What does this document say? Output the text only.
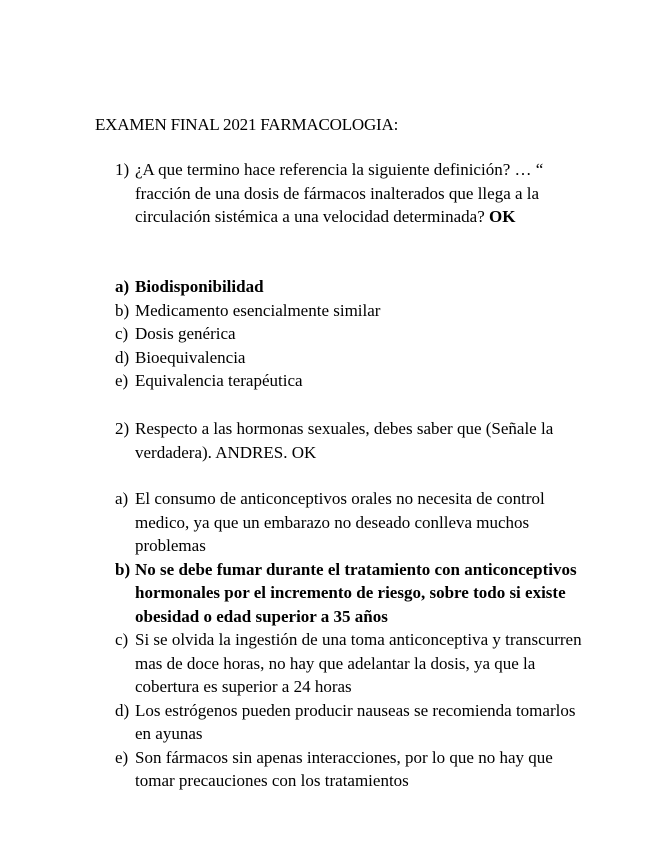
EXAMEN FINAL 2021 FARMACOLOGIA:
1) ¿A que termino hace referencia la siguiente definición? … “ fracción de una dosis de fármacos inalterados que llega a la circulación sistémica a una velocidad determinada? OK
a) Biodisponibilidad
b) Medicamento esencialmente similar
c) Dosis genérica
d) Bioequivalencia
e) Equivalencia terapéutica
2) Respecto a las hormonas sexuales, debes saber que (Señale la verdadera). ANDRES. OK
a) El consumo de anticonceptivos orales no necesita de control medico, ya que un embarazo no deseado conlleva muchos problemas
b) No se debe fumar durante el tratamiento con anticonceptivos hormonales por el incremento de riesgo, sobre todo si existe obesidad o edad superior a 35 años
c) Si se olvida la ingestión de una toma anticonceptiva y transcurren mas de doce horas, no hay que adelantar la dosis, ya que la cobertura es superior a 24 horas
d) Los estrógenos pueden producir nauseas se recomienda tomarlos en ayunas
e) Son fármacos sin apenas interacciones, por lo que no hay que tomar precauciones con los tratamientos
